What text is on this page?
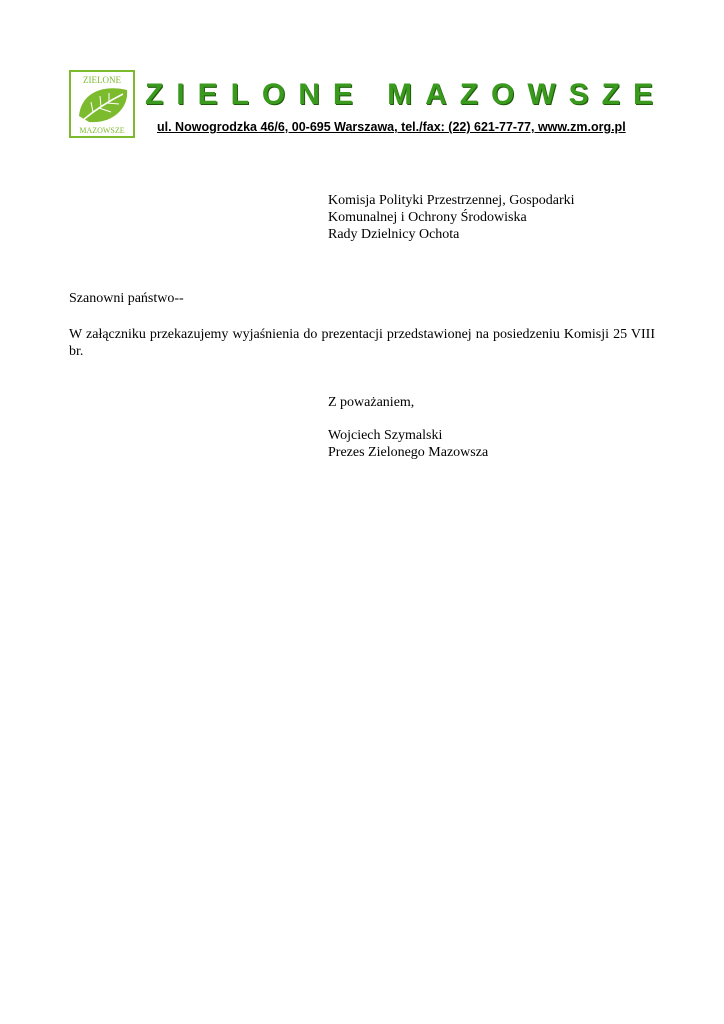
ZIELONE
MAZOWSZE
Z I E L O N E
M A Z O W S Z E
ul. Nowogrodzka 46/6, 00-695 Warszawa, tel./fax: (22) 621-77-77, www.zm.org.pl
Komisja Polityki Przestrzennej, Gospodarki
Komunalnej i Ochrony Środowiska
Rady Dzielnicy Ochota
Szanowni państwo--
W załączniku przekazujemy wyjaśnienia do prezentacji przedstawionej na posiedzeniu Komisji 25 VIII br.
Z poważaniem,
Wojciech Szymalski
Prezes Zielonego Mazowsza
